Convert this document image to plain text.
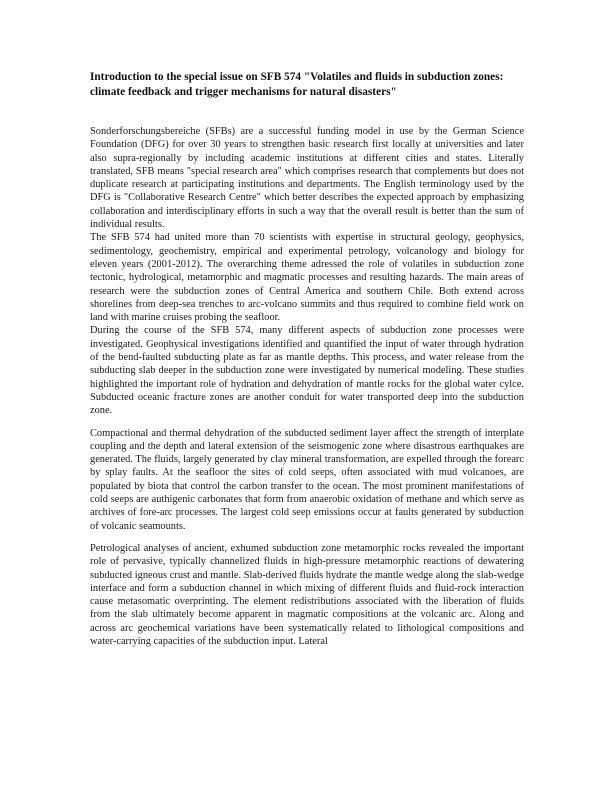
Introduction to the special issue on SFB 574 "Volatiles and fluids in subduction zones: climate feedback and trigger mechanisms for natural disasters"

Sonderforschungsbereiche (SFBs) are a successful funding model in use by the German Science Foundation (DFG) for over 30 years to strengthen basic research first locally at universities and later also supra-regionally by including academic institutions at different cities and states. Literally translated, SFB means "special research area" which comprises research that complements but does not duplicate research at participating institutions and departments. The English terminology used by the DFG is "Collaborative Research Centre" which better describes the expected approach by emphasizing collaboration and interdisciplinary efforts in such a way that the overall result is better than the sum of individual results.

The SFB 574 had united more than 70 scientists with expertise in structural geology, geophysics, sedimentology, geochemistry, empirical and experimental petrology, volcanology and biology for eleven years (2001-2012). The overarching theme adressed the role of volatiles in subduction zone tectonic, hydrological, metamorphic and magmatic processes and resulting hazards. The main areas of research were the subduction zones of Central America and southern Chile. Both extend across shorelines from deep-sea trenches to arc-volcano summits and thus required to combine field work on land with marine cruises probing the seafloor.

During the course of the SFB 574, many different aspects of subduction zone processes were investigated. Geophysical investigations identified and quantified the input of water through hydration of the bend-faulted subducting plate as far as mantle depths. This process, and water release from the subducting slab deeper in the subduction zone were investigated by numerical modeling. These studies highlighted the important role of hydration and dehydration of mantle rocks for the global water cylce. Subducted oceanic fracture zones are another conduit for water transported deep into the subduction zone.

Compactional and thermal dehydration of the subducted sediment layer affect the strength of interplate coupling and the depth and lateral extension of the seismogenic zone where disastrous earthquakes are generated. The fluids, largely generated by clay mineral transformation, are expelled through the forearc by splay faults. At the seafloor the sites of cold seeps, often associated with mud volcanoes, are populated by biota that control the carbon transfer to the ocean. The most prominent manifestations of cold seeps are authigenic carbonates that form from anaerobic oxidation of methane and which serve as archives of fore-arc processes. The largest cold seep emissions occur at faults generated by subduction of volcanic seamounts.

Petrological analyses of ancient, exhumed subduction zone metamorphic rocks revealed the important role of pervasive, typically channelized fluids in high-pressure metamorphic reactions of dewatering subducted igneous crust and mantle. Slab-derived fluids hydrate the mantle wedge along the slab-wedge interface and form a subduction channel in which mixing of different fluids and fluid-rock interaction cause metasomatic overprinting. The element redistributions associated with the liberation of fluids from the slab ultimately become apparent in magmatic compositions at the volcanic arc. Along and across arc geochemical variations have been systematically related to lithological compositions and water-carrying capacities of the subduction input. Lateral
